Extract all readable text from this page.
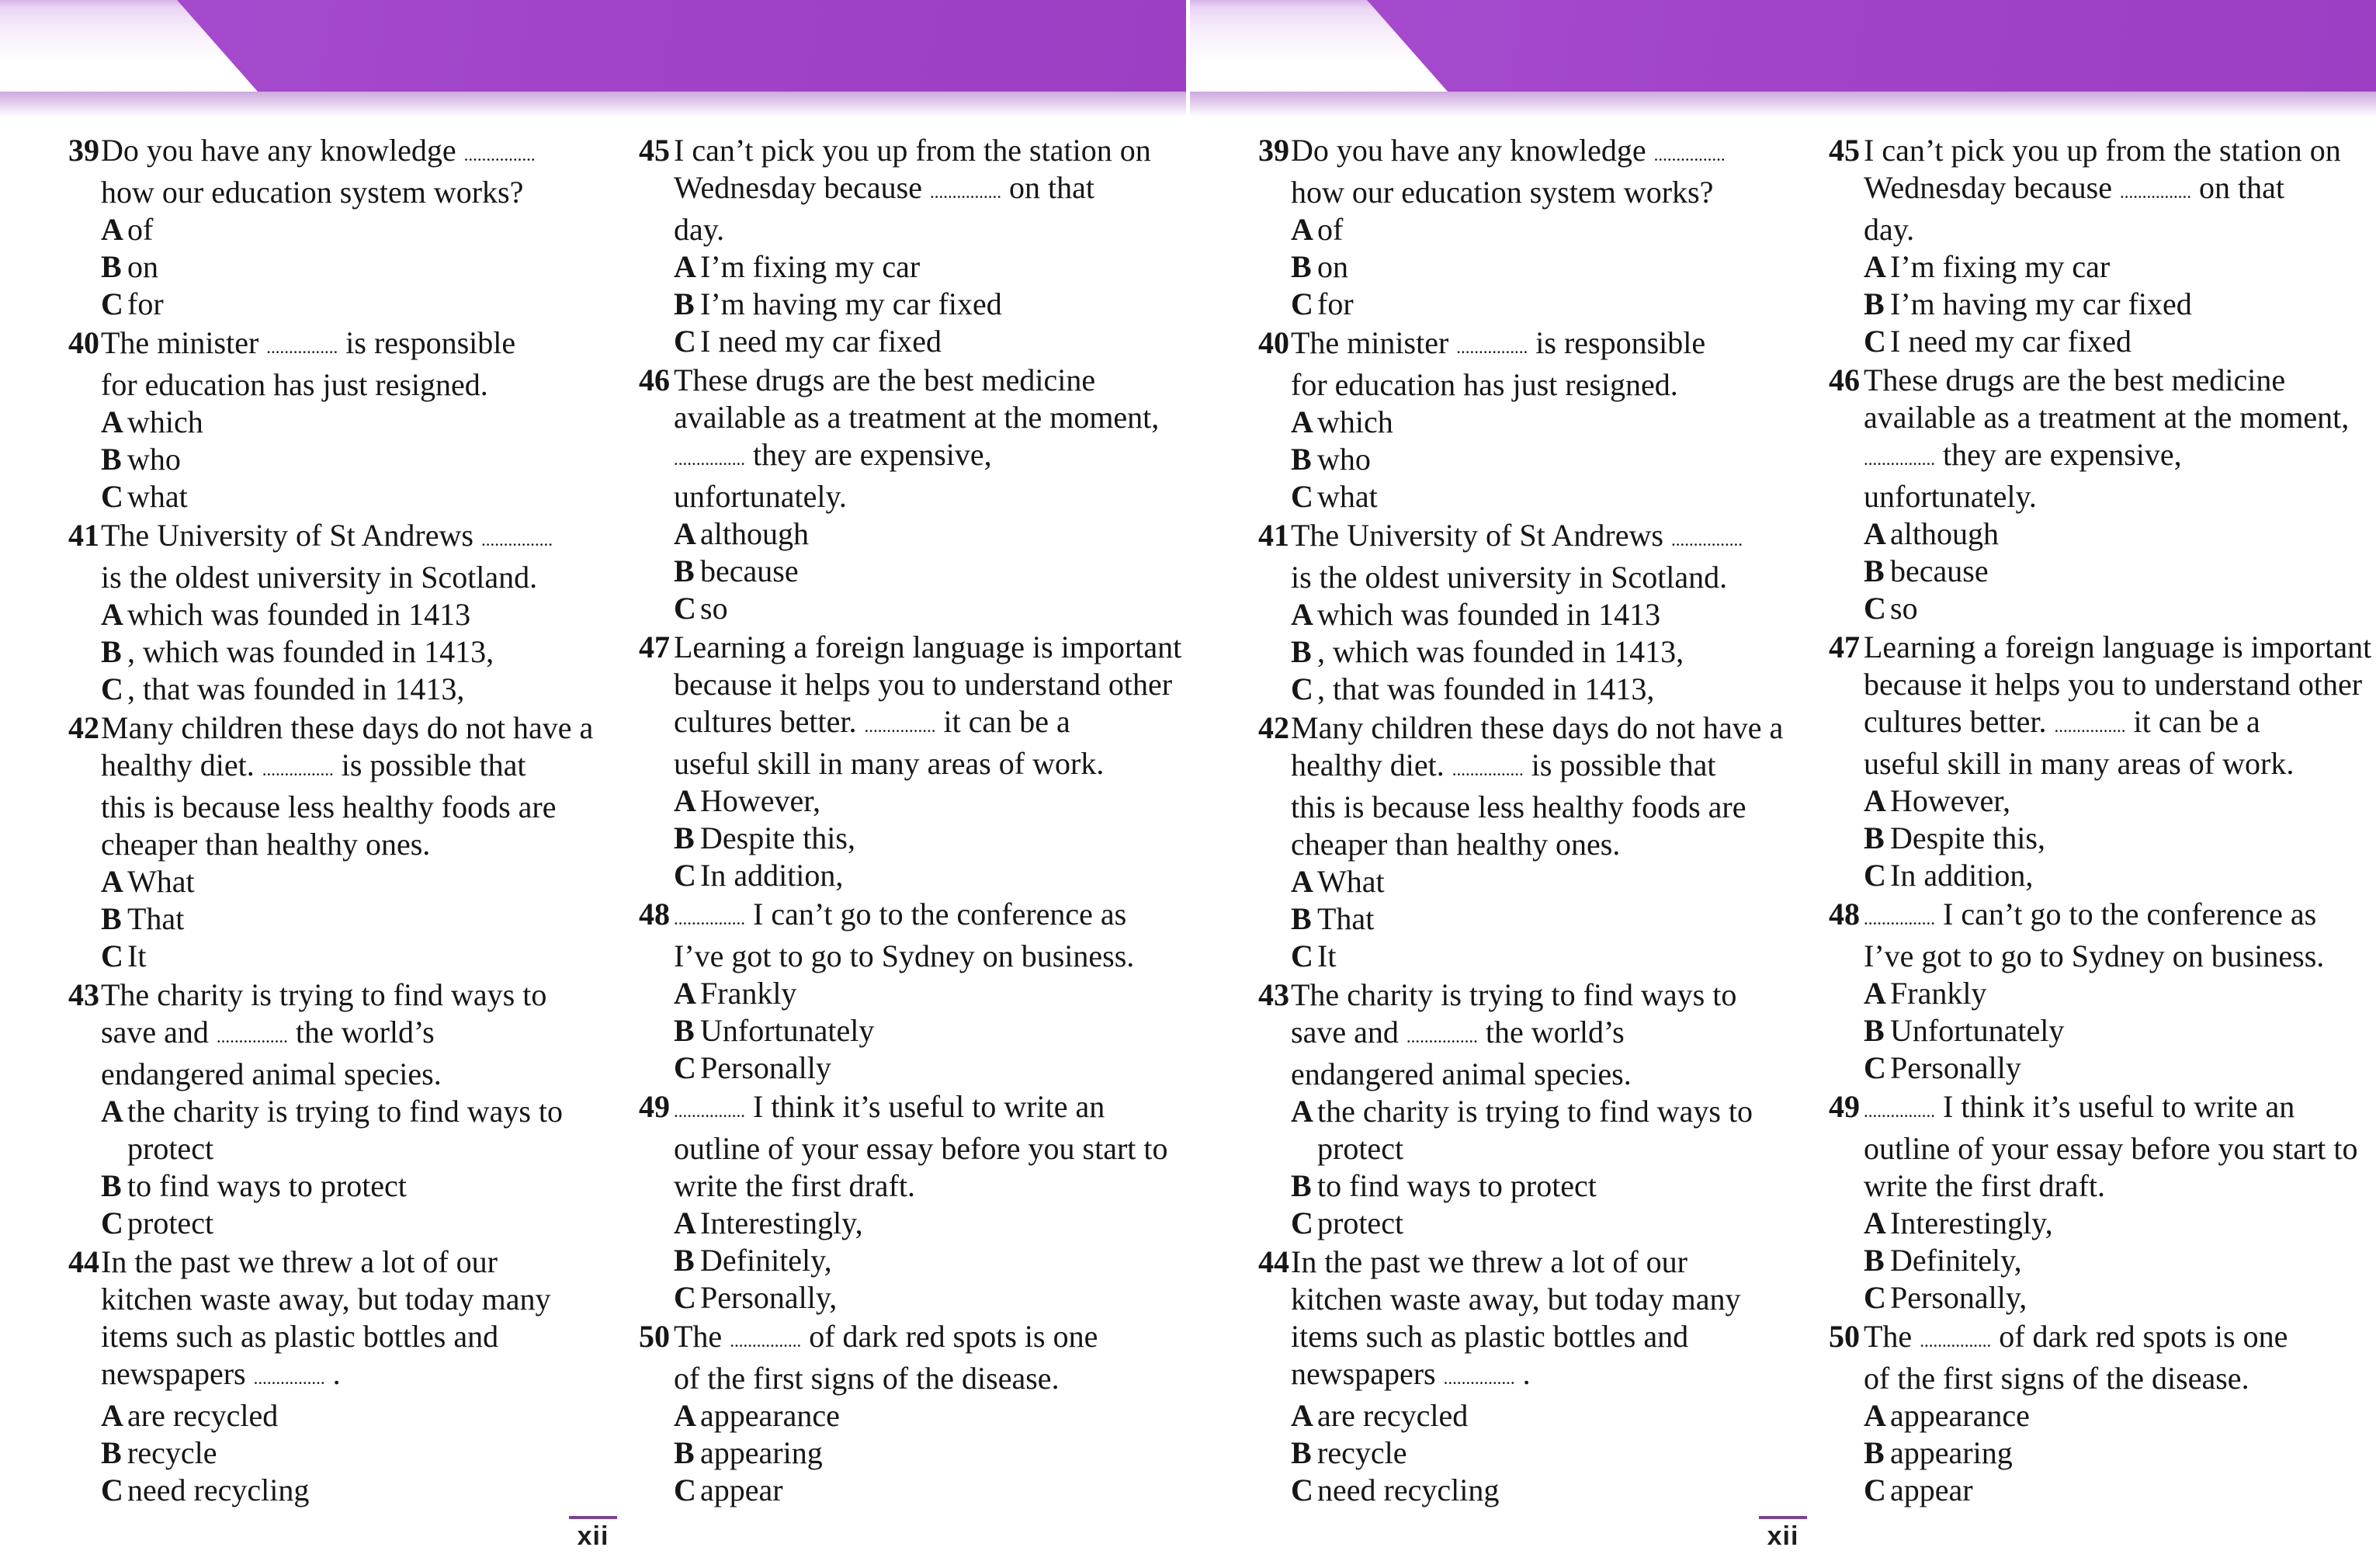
39 Do you have any knowledge ................
how our education system works?
A of
B on
C for
40 The minister ................ is responsible
for education has just resigned.
A which
B who
C what
41 The University of St Andrews ................
is the oldest university in Scotland.
A which was founded in 1413
B , which was founded in 1413,
C , that was founded in 1413,
42 Many children these days do not have a
healthy diet. ................ is possible that
this is because less healthy foods are
cheaper than healthy ones.
A What
B That
C It
43 The charity is trying to find ways to
save and ................ the world’s
endangered animal species.
A the charity is trying to find ways to
protect
B to find ways to protect
C protect
44 In the past we threw a lot of our
kitchen waste away, but today many
items such as plastic bottles and
newspapers ................ .
A are recycled
B recycle
C need recycling
45 I can’t pick you up from the station on
Wednesday because ................ on that
day.
A I’m fixing my car
B I’m having my car fixed
C I need my car fixed
46 These drugs are the best medicine
available as a treatment at the moment,
................ they are expensive,
unfortunately.
A although
B because
C so
47 Learning a foreign language is important
because it helps you to understand other
cultures better. ................ it can be a
useful skill in many areas of work.
A However,
B Despite this,
C In addition,
48 ................ I can’t go to the conference as
I’ve got to go to Sydney on business.
A Frankly
B Unfortunately
C Personally
49 ................ I think it’s useful to write an
outline of your essay before you start to
write the first draft.
A Interestingly,
B Definitely,
C Personally,
50 The ................ of dark red spots is one
of the first signs of the disease.
A appearance
B appearing
C appear
xii
39 Do you have any knowledge ................
how our education system works?
A of
B on
C for
40 The minister ................ is responsible
for education has just resigned.
A which
B who
C what
41 The University of St Andrews ................
is the oldest university in Scotland.
A which was founded in 1413
B , which was founded in 1413,
C , that was founded in 1413,
42 Many children these days do not have a
healthy diet. ................ is possible that
this is because less healthy foods are
cheaper than healthy ones.
A What
B That
C It
43 The charity is trying to find ways to
save and ................ the world’s
endangered animal species.
A the charity is trying to find ways to
protect
B to find ways to protect
C protect
44 In the past we threw a lot of our
kitchen waste away, but today many
items such as plastic bottles and
newspapers ................ .
A are recycled
B recycle
C need recycling
45 I can’t pick you up from the station on
Wednesday because ................ on that
day.
A I’m fixing my car
B I’m having my car fixed
C I need my car fixed
46 These drugs are the best medicine
available as a treatment at the moment,
................ they are expensive,
unfortunately.
A although
B because
C so
47 Learning a foreign language is important
because it helps you to understand other
cultures better. ................ it can be a
useful skill in many areas of work.
A However,
B Despite this,
C In addition,
48 ................ I can’t go to the conference as
I’ve got to go to Sydney on business.
A Frankly
B Unfortunately
C Personally
49 ................ I think it’s useful to write an
outline of your essay before you start to
write the first draft.
A Interestingly,
B Definitely,
C Personally,
50 The ................ of dark red spots is one
of the first signs of the disease.
A appearance
B appearing
C appear
xii
